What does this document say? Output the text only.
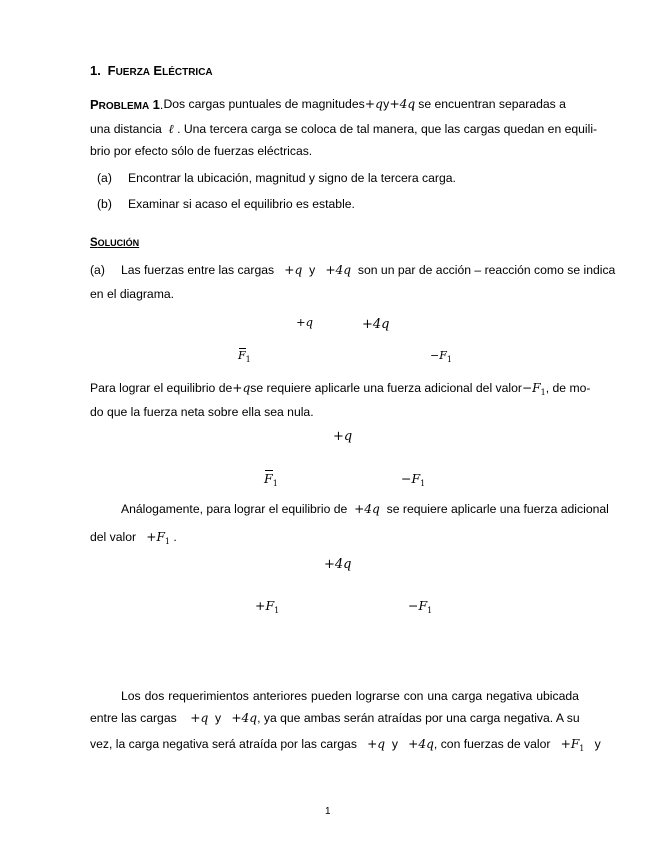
1. FUERZA ELÉCTRICA
PROBLEMA 1. Dos cargas puntuales de magnitudes +q y +4q
, se encuentran separadas a
una distancia ℓ . Una tercera carga se coloca de tal manera, que las cargas quedan en equili-
brio por efecto sólo de fuerzas eléctricas.
(a) Encontrar la ubicación, magnitud y signo de la tercera carga.
(b) Examinar si acaso el equilibrio es estable.
SOLUCIÓN
(a) Las fuerzas entre las cargas +q  y   +4q son un par de acción – reacción como se indica
en el diagrama.
+q	+4q
$F_1$	$-F_1$
Para lograr el equilibrio de +q se requiere aplicarle una fuerza adicional del valor $-F_1$, de mo-
do que la fuerza neta sobre ella sea nula.
+q
$F_1$	$-F_1$
Análogamente, para lograr el equilibrio de +4q se requiere aplicarle una fuerza adicional
del valor $+F_1$ .
+4q
$+F_1$	$-F_1$
Los dos requerimientos anteriores pueden lograrse con una carga negativa ubicada
entre las cargas +q  y   +4q, ya que ambas serán atraídas por una carga negativa. A su
vez, la carga negativa será atraída por las cargas +q  y   +4q, con fuerzas de valor $+F_1$ y
1
